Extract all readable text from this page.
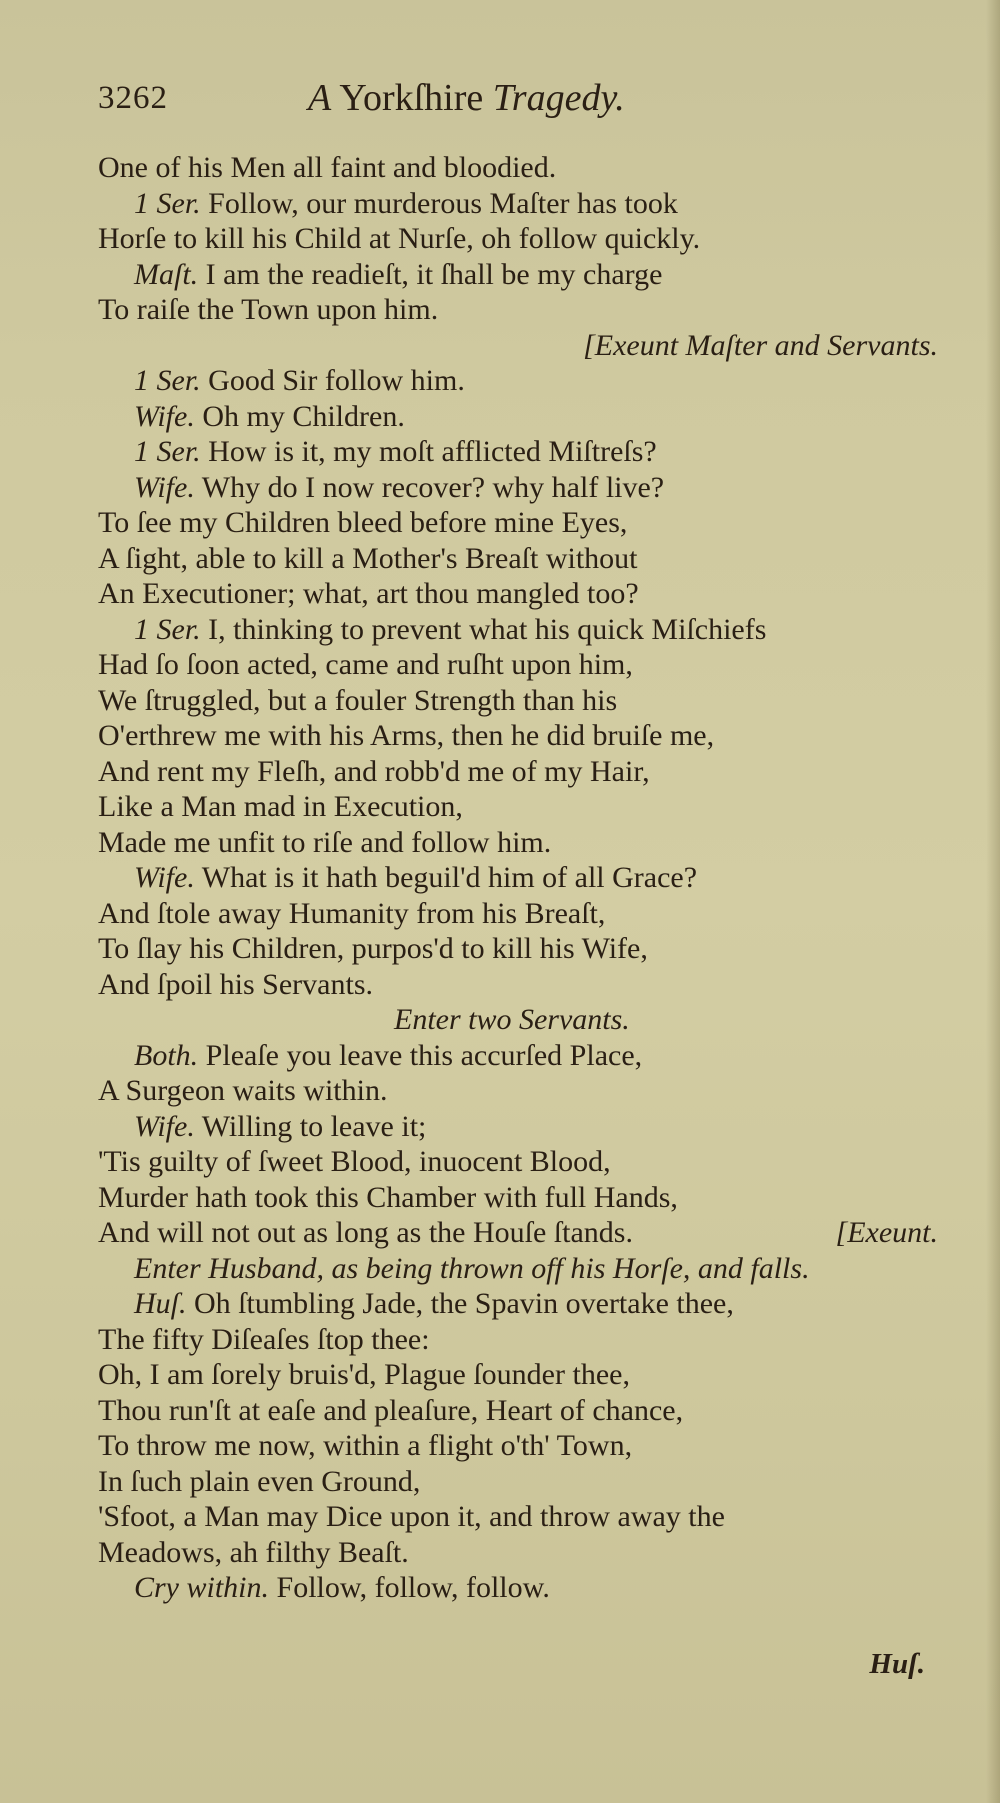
3262	A Yorkſhire Tragedy.
One of his Men all faint and bloodied.
1 Ser. Follow, our murderous Maſter has took
Horſe to kill his Child at Nurſe, oh follow quickly.
Maſt. I am the readieſt, it ſhall be my charge
To raiſe the Town upon him.
[Exeunt Maſter and Servants.
1 Ser. Good Sir follow him.
Wife. Oh my Children.
1 Ser. How is it, my moſt afflicted Miſtreſs?
Wife. Why do I now recover? why half live?
To ſee my Children bleed before mine Eyes,
A ſight, able to kill a Mother's Breaſt without
An Executioner; what, art thou mangled too?
1 Ser. I, thinking to prevent what his quick Miſchiefs
Had ſo ſoon acted, came and ruſht upon him,
We ſtruggled, but a fouler Strength than his
O'erthrew me with his Arms, then he did bruiſe me,
And rent my Fleſh, and robb'd me of my Hair,
Like a Man mad in Execution,
Made me unfit to riſe and follow him.
Wife. What is it hath beguil'd him of all Grace?
And ſtole away Humanity from his Breaſt,
To ſlay his Children, purpos'd to kill his Wife,
And ſpoil his Servants.
Enter two Servants.
Both. Pleaſe you leave this accurſed Place,
A Surgeon waits within.
Wife. Willing to leave it;
'Tis guilty of ſweet Blood, inuocent Blood,
Murder hath took this Chamber with full Hands,
And will not out as long as the Houſe ſtands.	[Exeunt.
Enter Husband, as being thrown off his Horſe, and falls.
Huſ. Oh ſtumbling Jade, the Spavin overtake thee,
The fifty Diſeaſes ſtop thee:
Oh, I am ſorely bruis'd, Plague ſounder thee,
Thou run'ſt at eaſe and pleaſure, Heart of chance,
To throw me now, within a flight o'th' Town,
In ſuch plain even Ground,
'Sfoot, a Man may Dice upon it, and throw away the
Meadows, ah filthy Beaſt.
Cry within. Follow, follow, follow.
Huſ.
